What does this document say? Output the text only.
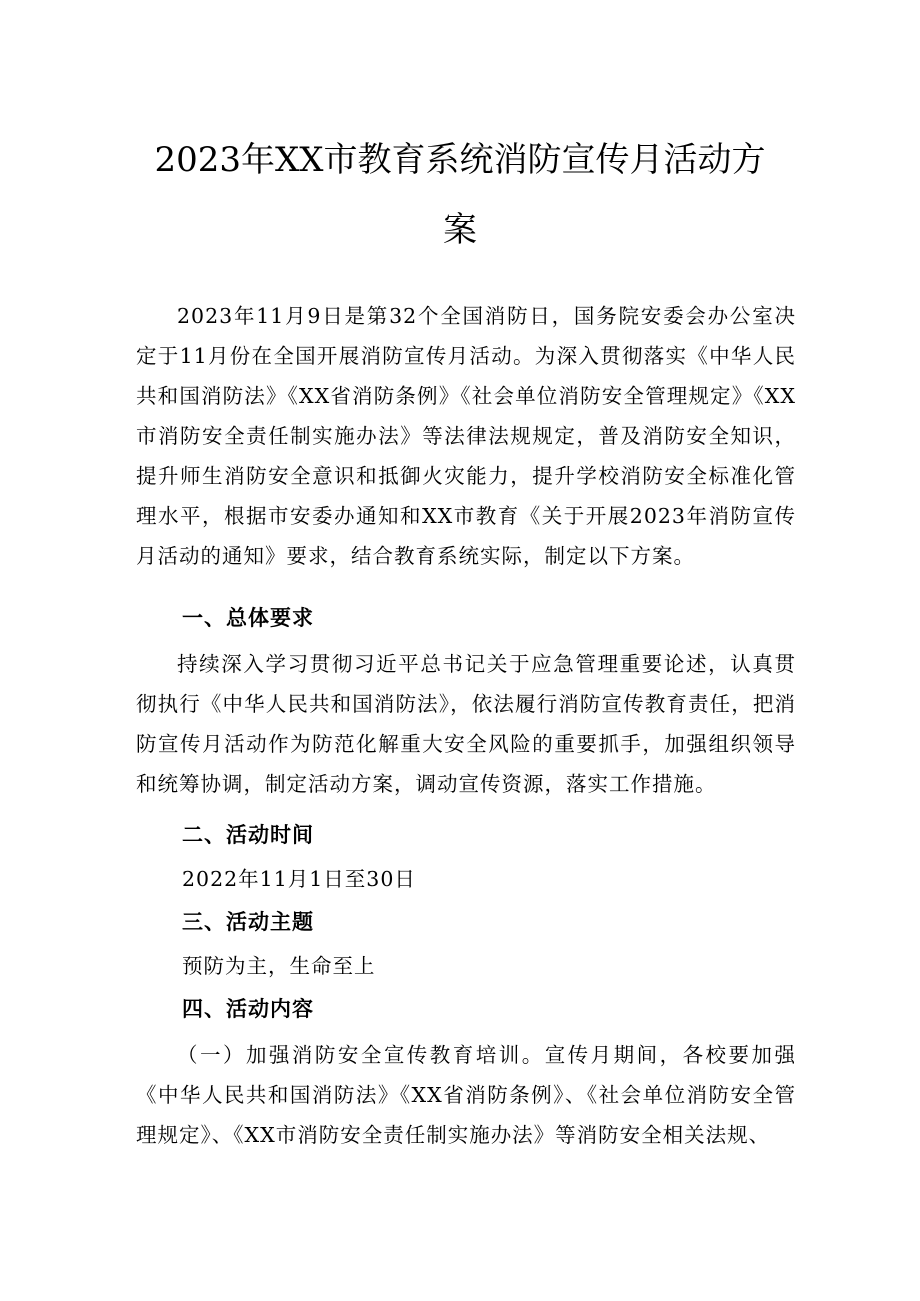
2023年XX市教育系统消防宣传月活动方
案

2023年11月9日是第32个全国消防日，国务院安委会办公室决定于11月份在全国开展消防宣传月活动。为深入贯彻落实《中华人民共和国消防法》《XX省消防条例》《社会单位消防安全管理规定》《XX市消防安全责任制实施办法》等法律法规规定，普及消防安全知识，提升师生消防安全意识和抵御火灾能力，提升学校消防安全标准化管理水平，根据市安委办通知和XX市教育《关于开展2023年消防宣传月活动的通知》要求，结合教育系统实际，制定以下方案。

一、总体要求

持续深入学习贯彻习近平总书记关于应急管理重要论述，认真贯彻执行《中华人民共和国消防法》，依法履行消防宣传教育责任，把消防宣传月活动作为防范化解重大安全风险的重要抓手，加强组织领导和统筹协调，制定活动方案，调动宣传资源，落实工作措施。

二、活动时间

2022年11月1日至30日

三、活动主题

预防为主，生命至上

四、活动内容

（一）加强消防安全宣传教育培训。宣传月期间，各校要加强《中华人民共和国消防法》《XX省消防条例》、《社会单位消防安全管理规定》、《XX市消防安全责任制实施办法》等消防安全相关法规、
